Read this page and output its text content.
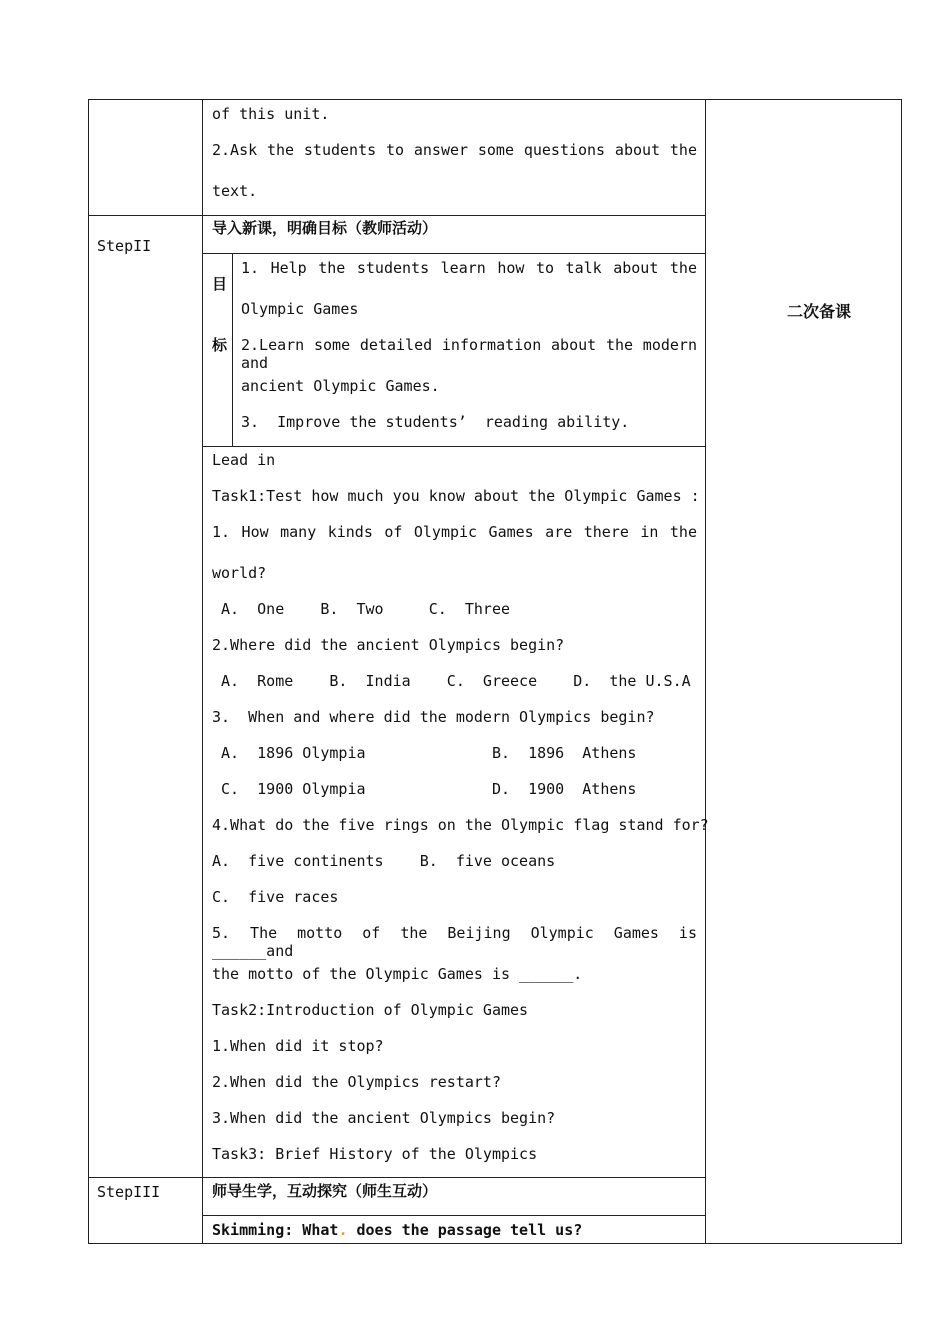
of this unit.
2.Ask the students to answer some questions about the
text.
二次备课
StepII
导入新课，明确目标（教师活动）
目
标
1. Help the students learn how to talk about the
Olympic Games
2.Learn some detailed information about the modern and
ancient Olympic Games.
3.  Improve the students’  reading ability.
Lead in
Task1:Test how much you know about the Olympic Games :
1. How many kinds of Olympic Games are there in the
world?
A.  One    B.  Two     C.  Three
2.Where did the ancient Olympics begin?
A.  Rome    B.  India    C.  Greece    D.  the U.S.A
3.  When and where did the modern Olympics begin?
A.  1896 Olympia              B.  1896  Athens
C.  1900 Olympia              D.  1900  Athens
4.What do the five rings on the Olympic flag stand for?
A.  five continents    B.  five oceans
C.  five races
5. The motto of the Beijing Olympic Games is ______and
the motto of the Olympic Games is ______.
Task2:Introduction of Olympic Games
1.When did it stop?
2.When did the Olympics restart?
3.When did the ancient Olympics begin?
Task3: Brief History of the Olympics
StepIII	师导生学，互动探究（师生互动）
Skimming: What. does the passage tell us?
